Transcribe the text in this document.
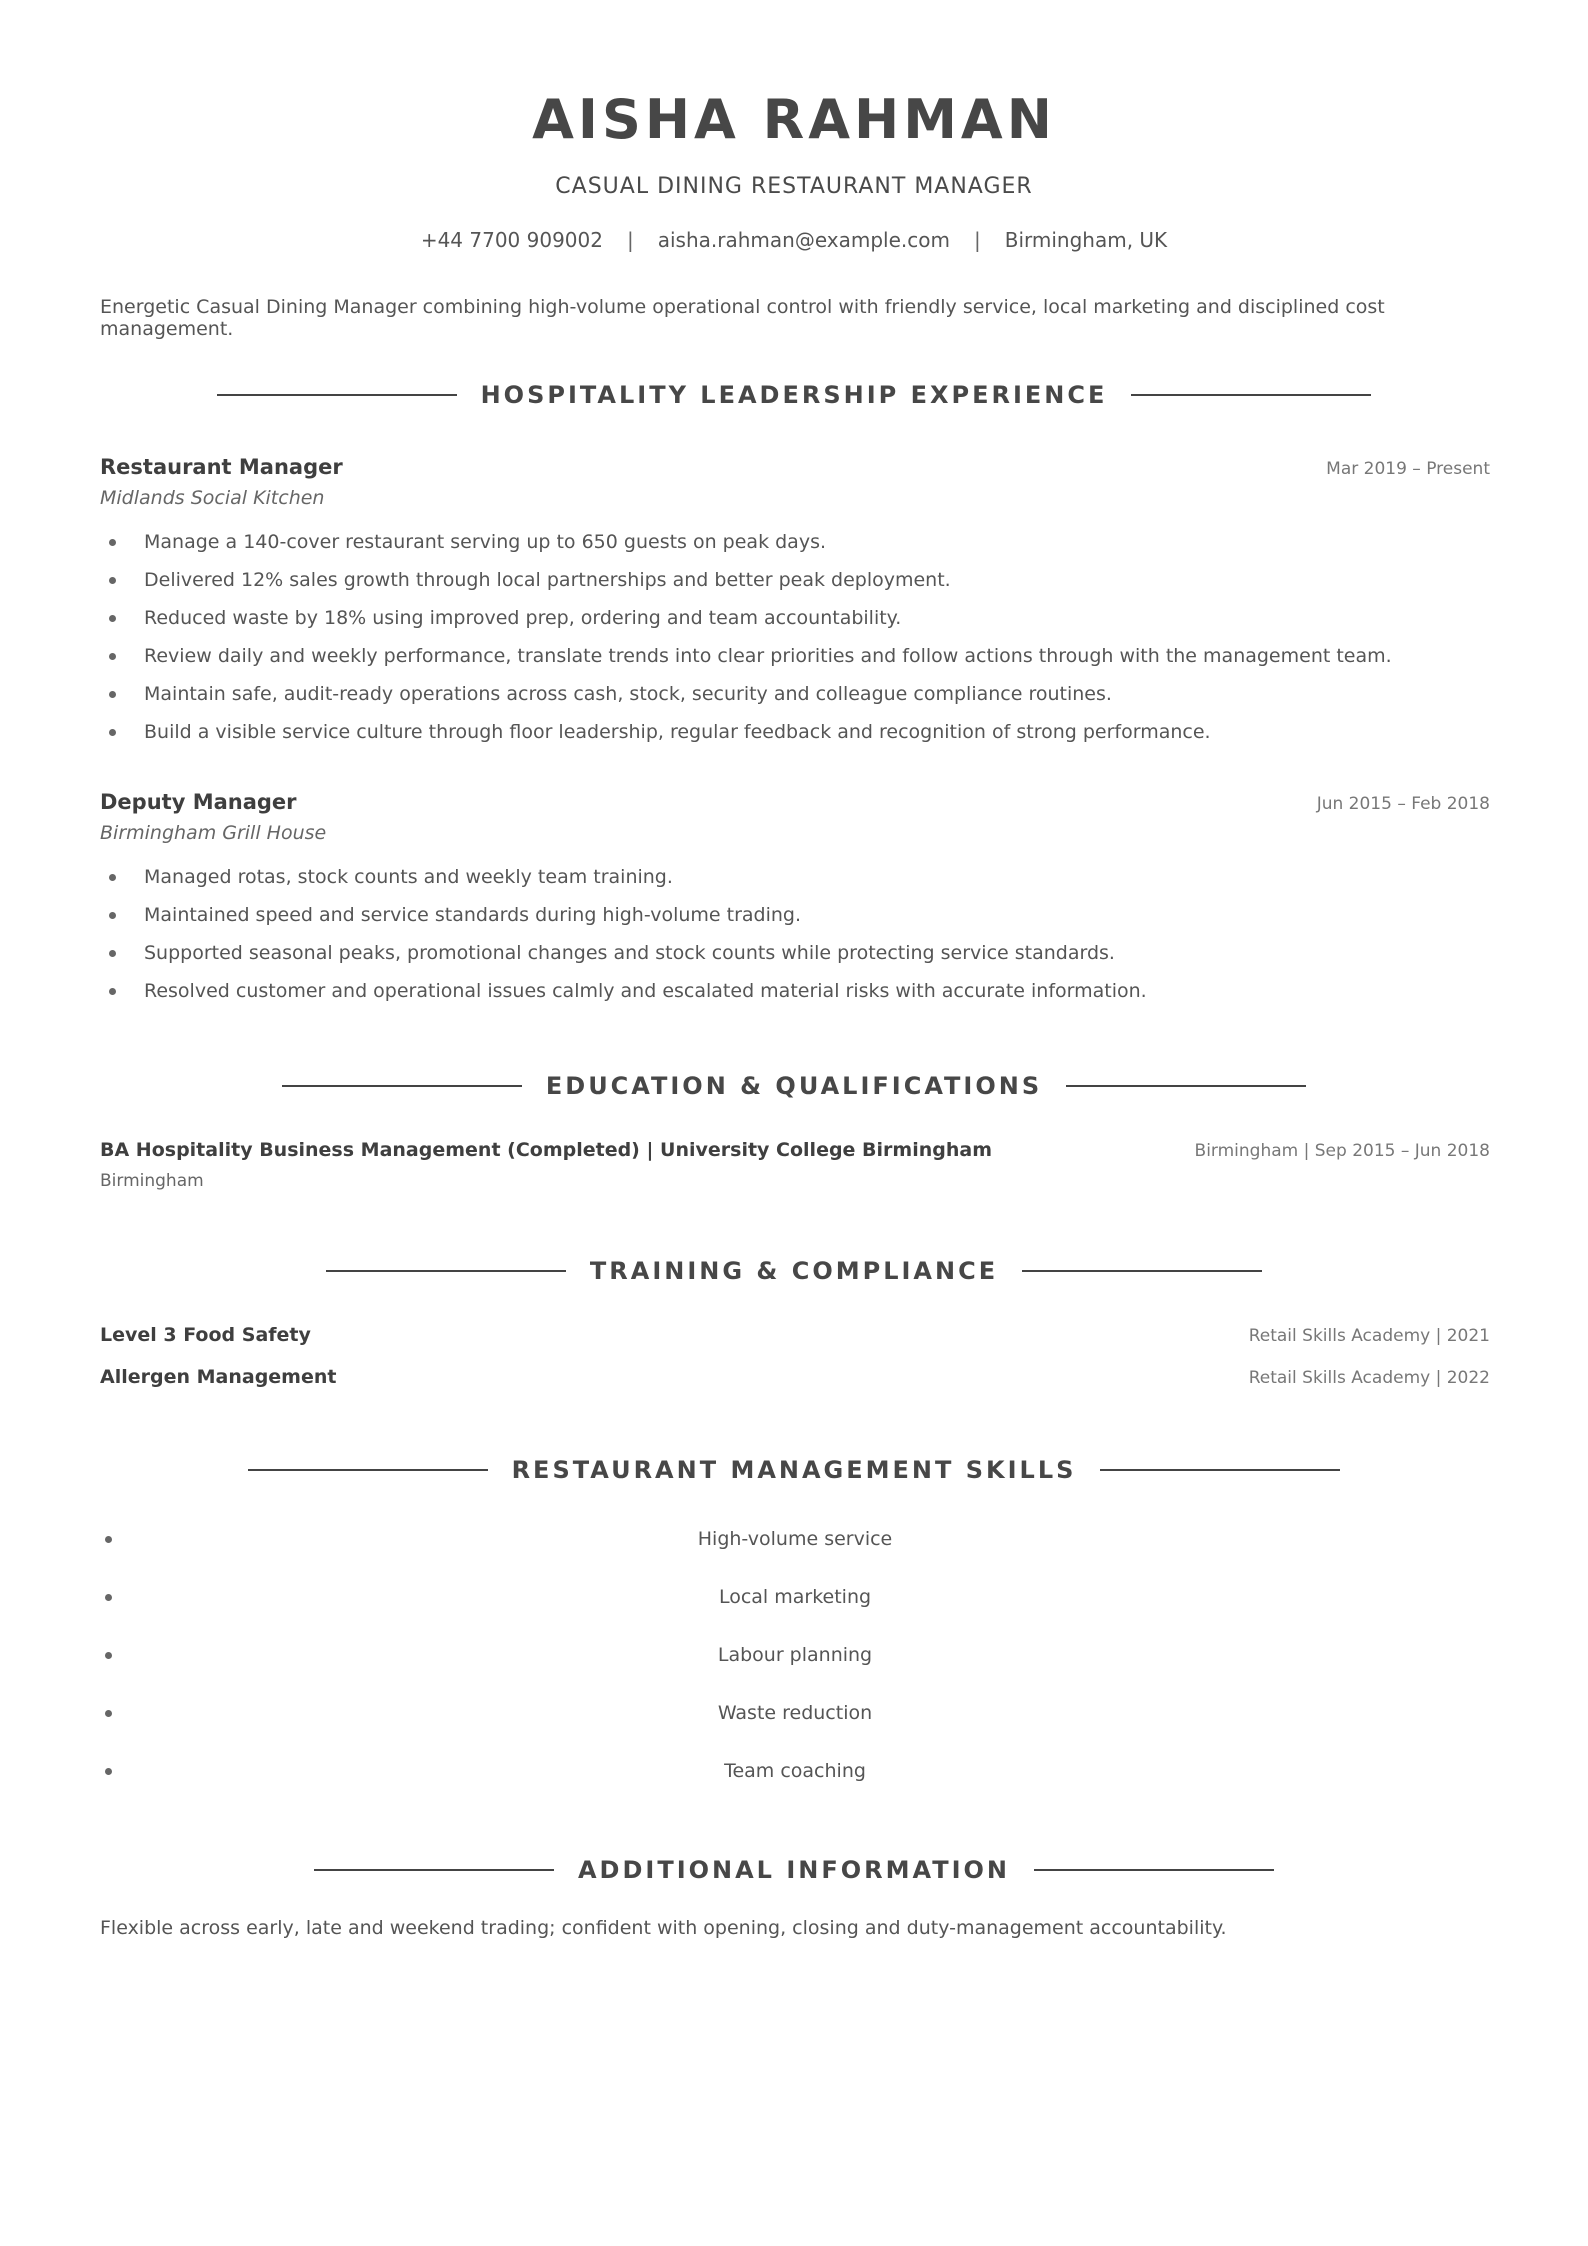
AISHA RAHMAN
CASUAL DINING RESTAURANT MANAGER
+44 7700 909002 | aisha.rahman@example.com | Birmingham, UK
Energetic Casual Dining Manager combining high-volume operational control with friendly service, local marketing and disciplined cost management.
HOSPITALITY LEADERSHIP EXPERIENCE
Restaurant Manager	Mar 2019 – Present
Midlands Social Kitchen
Manage a 140-cover restaurant serving up to 650 guests on peak days.
Delivered 12% sales growth through local partnerships and better peak deployment.
Reduced waste by 18% using improved prep, ordering and team accountability.
Review daily and weekly performance, translate trends into clear priorities and follow actions through with the management team.
Maintain safe, audit-ready operations across cash, stock, security and colleague compliance routines.
Build a visible service culture through floor leadership, regular feedback and recognition of strong performance.
Deputy Manager	Jun 2015 – Feb 2018
Birmingham Grill House
Managed rotas, stock counts and weekly team training.
Maintained speed and service standards during high-volume trading.
Supported seasonal peaks, promotional changes and stock counts while protecting service standards.
Resolved customer and operational issues calmly and escalated material risks with accurate information.
EDUCATION & QUALIFICATIONS
BA Hospitality Business Management (Completed) | University College Birmingham	Birmingham | Sep 2015 – Jun 2018
Birmingham
TRAINING & COMPLIANCE
Level 3 Food Safety	Retail Skills Academy | 2021
Allergen Management	Retail Skills Academy | 2022
RESTAURANT MANAGEMENT SKILLS
High-volume service
Local marketing
Labour planning
Waste reduction
Team coaching
ADDITIONAL INFORMATION
Flexible across early, late and weekend trading; confident with opening, closing and duty-management accountability.
